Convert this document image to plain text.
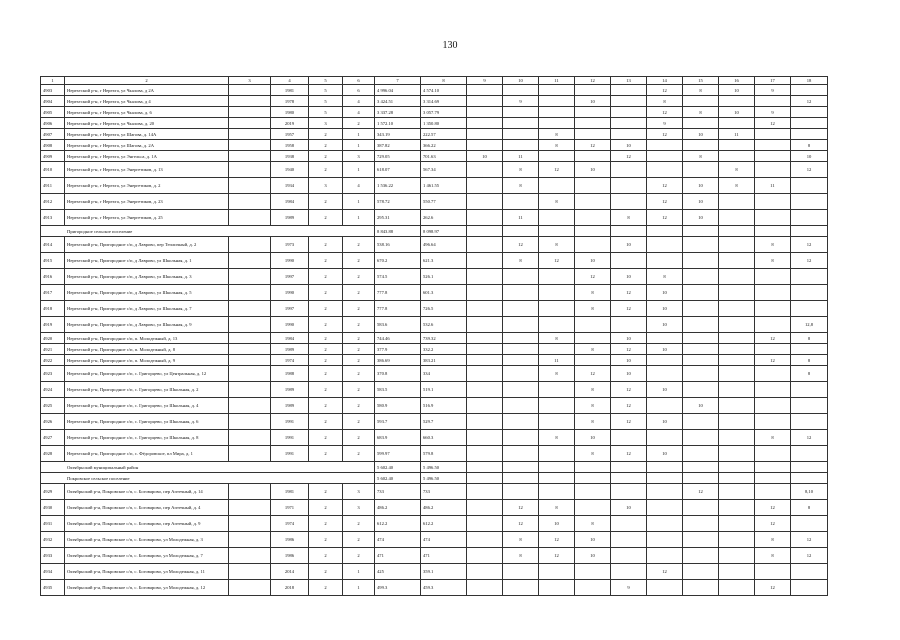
130
1	2	3	4	5	6	7	8	9	10	11	12	13	14	15	16	17	18
4903	Нерехтский р-н, г Нерехта, ул Чкалова, д 2А		1981	5	6	4 996.04	4 574.10						12	8	10	9	
4904	Нерехтский р-н, г Нерехта, ул Чкалова, д 4		1978	5	4	3 424.51	3 314.69		9		10		8				12
4905	Нерехтский р-н, г Нерехта, ул Чкалова, д. 6		1980	5	4	3 337.28	3 057.79						12	8	10	9	
4906	Нерехтский р-н, г Нерехта, ул Чкалова, д. 20		2019	3	2	1 572.10	1 350.80						9			12	
4907	Нерехтский р-н, г Нерехта, ул Шагова, д. 14А		1957	2	1	343.19	222.57			8			12	10	11		
4908	Нерехтский р-н, г Нерехта, ул Шагова, д. 2А		1958	2	1	387.82	366.22			8	12	10					8
4909	Нерехтский р-н, г Нерехта, ул Энгельса, д. 1А		1938	2	3	729.05	701.63	10	11			12		8			10
4910	Нерехтский р-н, г Нерехта, ул Энергетиков, д. 13		1940	2	1	618.07	567.34		8	12	10				8		12
4911	Нерехтский р-н, г Нерехта, ул Энергетиков, д. 2		1934	3	4	1 536.22	1 461.55		8				12	10	8	11	
4912	Нерехтский р-н, г Нерехта, ул Энергетиков, д. 23		1984	2	1	578.72	550.77			8			12	10			
4913	Нерехтский р-н, г Нерехта, ул Энергетиков, д. 25		1989	2	1	295.31	262.6		11			8	12	10			
Пригородное сельское поселение						8 843.88	8 098.97										
4914	Нерехтский р-н, Пригородное с/п, д Лаврово, пер Тепличный, д. 2		1973	2	2	538.16	496.64		12	8		10				8	12
4915	Нерехтский р-н, Пригородное с/п, д Лаврово, ул Школьная, д. 1		1990	2	2	670.2	621.3		8	12	10					8	12
4916	Нерехтский р-н, Пригородное с/п, д Лаврово, ул Школьная, д. 3		1997	2	2	574.5	526.1				12	10	8				
4917	Нерехтский р-н, Пригородное с/п, д Лаврово, ул Школьная, д. 5		1990	2	2	777.8	601.3				8	12	10				
4918	Нерехтский р-н, Пригородное с/п, д Лаврово, ул Школьная, д. 7		1997	2	2	777.8	726.5				8	12	10				
4919	Нерехтский р-н, Пригородное с/п, д Лаврово, ул Школьная, д. 9		1990	2	2	583.6	532.6						10				12,8
4920	Нерехтский р-н, Пригородное с/п, п. Молодежный, д. 13		1984	2	2	744.46	739.32			8		10				12	8
4921	Нерехтский р-н, Пригородное с/п, п. Молодежный, д. 8		1989	2	2	377.9	332.2				8	12	10				
4922	Нерехтский р-н, Пригородное с/п, п. Молодежный, д. 9		1974	2	2	386.69	383.21			11		10				12	8
4923	Нерехтский р-н, Пригородное с/п, с. Григорцево, ул Центральная, д. 12		1988	2	2	370.8	334			8	12	10					8
4924	Нерехтский р-н, Пригородное с/п, с. Григорцево, ул Школьная, д. 2		1989	2	2	583.5	519.1				8	12	10				
4925	Нерехтский р-н, Пригородное с/п, с. Григорцево, ул Школьная, д. 4		1989	2	2	580.9	516.9				8	12		10			
4926	Нерехтский р-н, Пригородное с/п, с. Григорцево, ул Школьная, д. 6		1991	2	2	593.7	529.7				8	12	10				
4927	Нерехтский р-н, Пригородное с/п, с. Григорцево, ул Школьная, д. 8		1991	2	2	683.9	660.3			8	10					8	12
4928	Нерехтский р-н, Пригородное с/п, с. Фёдоровское, пл Мира, д. 1		1991	2	2	599.97	579.8				8	12	10				
Октябрьский муниципальный район						5 602.40	5 496.50										
Покровское сельское поселение						5 602.40	5 496.50										
4929	Октябрьский р-н, Покровское с/п, с. Боговарово, пер Аптечный, д. 14		1981	2	3	733	733							12			8,10
4930	Октябрьский р-н, Покровское с/п, с. Боговарово, пер Аптечный, д. 4		1971	2	3	486.2	486.2		12	8		10				12	8
4931	Октябрьский р-н, Покровское с/п, с. Боговарово, пер Аптечный, д. 9		1974	2	2	612.2	612.2		12	10	8					12	
4932	Октябрьский р-н, Покровское с/п, с. Боговарово, ул Молодежная, д. 3		1986	2	2	474	474		8	12	10					8	12
4933	Октябрьский р-н, Покровское с/п, с. Боговарово, ул Молодежная, д. 7		1986	2	2	471	471		8	12	10					8	12
4934	Октябрьский р-н, Покровское с/п, с. Боговарово, ул Молодежная, д. 11		2014	2	1	425	359.1						12				
4935	Октябрьский р-н, Покровское с/п, с. Боговарово, ул Молодежная, д. 12		2018	2	1	499.3	459.3					9				12	
